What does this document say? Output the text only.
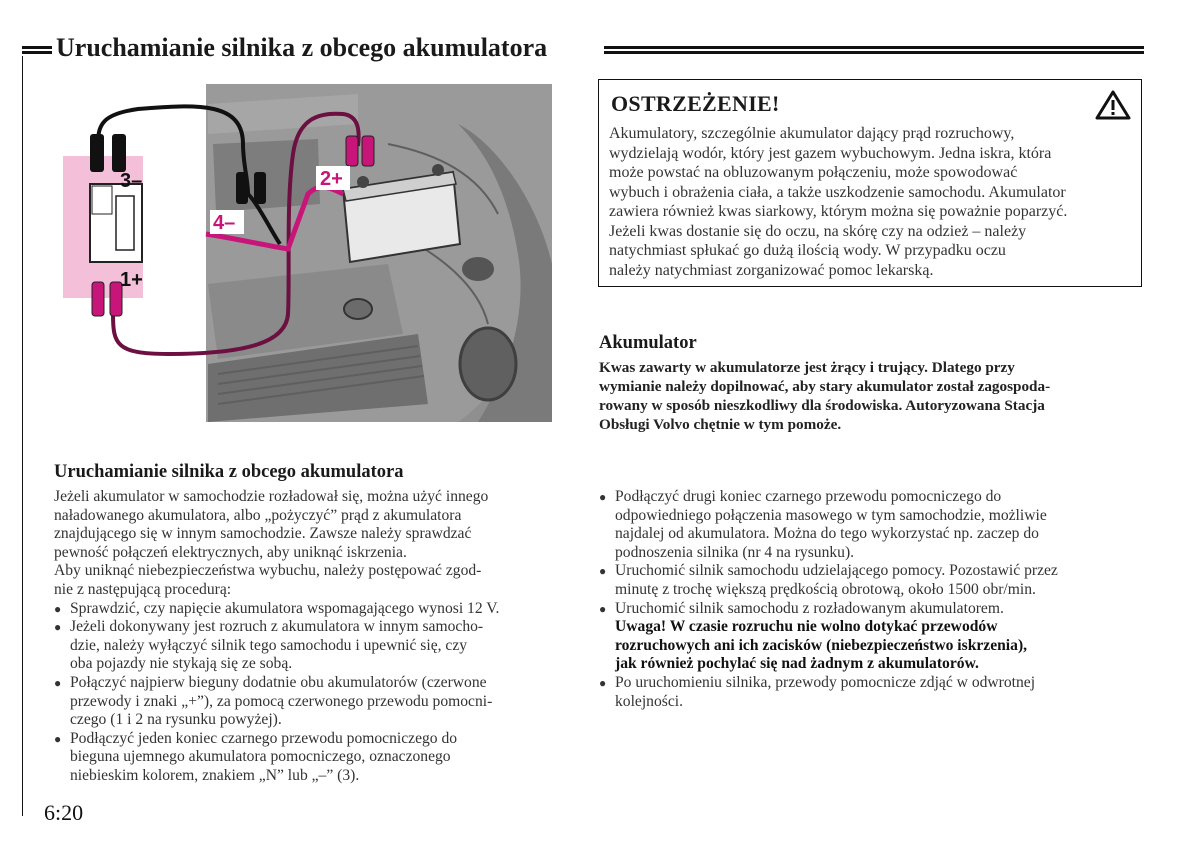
Uruchamianie silnika z obcego akumulatora
2+
4–
3–
1+
OSTRZEŻENIE!

Akumulatory, szczególnie akumulator dający prąd rozruchowy,
wydzielają wodór, który jest gazem wybuchowym. Jedna iskra, która
może powstać na obluzowanym połączeniu, może spowodować
wybuch i obrażenia ciała, a także uszkodzenie samochodu. Akumulator
zawiera również kwas siarkowy, którym można się poważnie poparzyć.
Jeżeli kwas dostanie się do oczu, na skórę czy na odzież – należy
natychmiast spłukać go dużą ilością wody. W przypadku oczu
należy natychmiast zorganizować pomoc lekarską.

Akumulator

Kwas zawarty w akumulatorze jest żrący i trujący. Dlatego przy
wymianie należy dopilnować, aby stary akumulator został zagospoda-
rowany w sposób nieszkodliwy dla środowiska. Autoryzowana Stacja
Obsługi Volvo chętnie w tym pomoże.

Uruchamianie silnika z obcego akumulatora

Jeżeli akumulator w samochodzie rozładował się, można użyć innego
naładowanego akumulatora, albo „pożyczyć” prąd z akumulatora
znajdującego się w innym samochodzie. Zawsze należy sprawdzać
pewność połączeń elektrycznych, aby uniknąć iskrzenia.
Aby uniknąć niebezpieczeństwa wybuchu, należy postępować zgod-
nie z następującą procedurą:

● Sprawdzić, czy napięcie akumulatora wspomagającego wynosi 12 V.
● Jeżeli dokonywany jest rozruch z akumulatora w innym samocho-
dzie, należy wyłączyć silnik tego samochodu i upewnić się, czy
oba pojazdy nie stykają się ze sobą.
● Połączyć najpierw bieguny dodatnie obu akumulatorów (czerwone
przewody i znaki „+”), za pomocą czerwonego przewodu pomocni-
czego (1 i 2 na rysunku powyżej).
● Podłączyć jeden koniec czarnego przewodu pomocniczego do
bieguna ujemnego akumulatora pomocniczego, oznaczonego
niebieskim kolorem, znakiem „N” lub „–” (3).
● Podłączyć drugi koniec czarnego przewodu pomocniczego do
odpowiedniego połączenia masowego w tym samochodzie, możliwie
najdalej od akumulatora. Można do tego wykorzystać np. zaczep do
podnoszenia silnika (nr 4 na rysunku).
● Uruchomić silnik samochodu udzielającego pomocy. Pozostawić przez
minutę z trochę większą prędkością obrotową, około 1500 obr/min.
● Uruchomić silnik samochodu z rozładowanym akumulatorem.
Uwaga! W czasie rozruchu nie wolno dotykać przewodów
rozruchowych ani ich zacisków (niebezpieczeństwo iskrzenia),
jak również pochylać się nad żadnym z akumulatorów.
● Po uruchomieniu silnika, przewody pomocnicze zdjąć w odwrotnej
kolejności.

6:20
